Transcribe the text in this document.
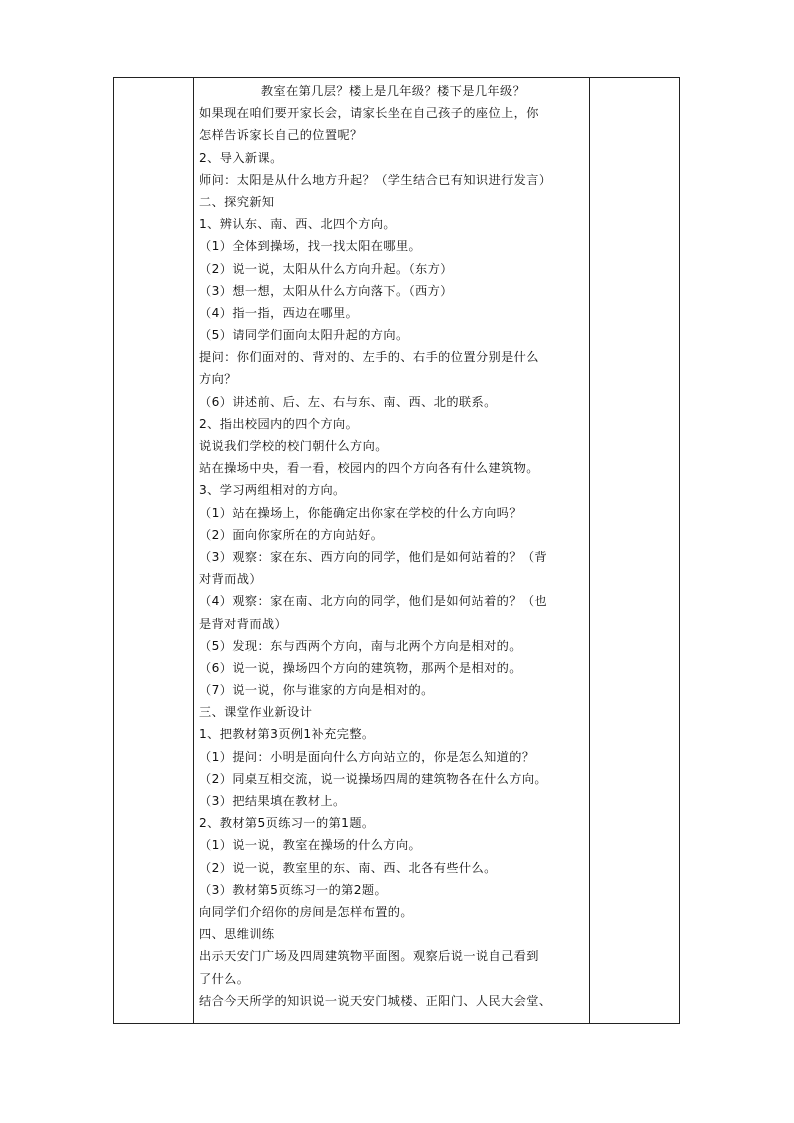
教室在第几层？楼上是几年级？楼下是几年级？
如果现在咱们要开家长会，请家长坐在自己孩子的座位上，你
怎样告诉家长自己的位置呢？
2、导入新课。
师问：太阳是从什么地方升起？（学生结合已有知识进行发言）
二、探究新知
1、辨认东、南、西、北四个方向。
（1）全体到操场，找一找太阳在哪里。
（2）说一说，太阳从什么方向升起。（东方）
（3）想一想，太阳从什么方向落下。（西方）
（4）指一指，西边在哪里。
（5）请同学们面向太阳升起的方向。
提问：你们面对的、背对的、左手的、右手的位置分别是什么
方向？
（6）讲述前、后、左、右与东、南、西、北的联系。
2、指出校园内的四个方向。
说说我们学校的校门朝什么方向。
站在操场中央，看一看，校园内的四个方向各有什么建筑物。
3、学习两组相对的方向。
（1）站在操场上，你能确定出你家在学校的什么方向吗？
（2）面向你家所在的方向站好。
（3）观察：家在东、西方向的同学，他们是如何站着的？（背
对背而战）
（4）观察：家在南、北方向的同学，他们是如何站着的？（也
是背对背而战）
（5）发现：东与西两个方向，南与北两个方向是相对的。
（6）说一说，操场四个方向的建筑物，那两个是相对的。
（7）说一说，你与谁家的方向是相对的。
三、课堂作业新设计
1、把教材第3页例1补充完整。
（1）提问：小明是面向什么方向站立的，你是怎么知道的？
（2）同桌互相交流，说一说操场四周的建筑物各在什么方向。
（3）把结果填在教材上。
2、教材第5页练习一的第1题。
（1）说一说，教室在操场的什么方向。
（2）说一说，教室里的东、南、西、北各有些什么。
（3）教材第5页练习一的第2题。
向同学们介绍你的房间是怎样布置的。
四、思维训练
出示天安门广场及四周建筑物平面图。观察后说一说自己看到
了什么。
结合今天所学的知识说一说天安门城楼、正阳门、人民大会堂、
